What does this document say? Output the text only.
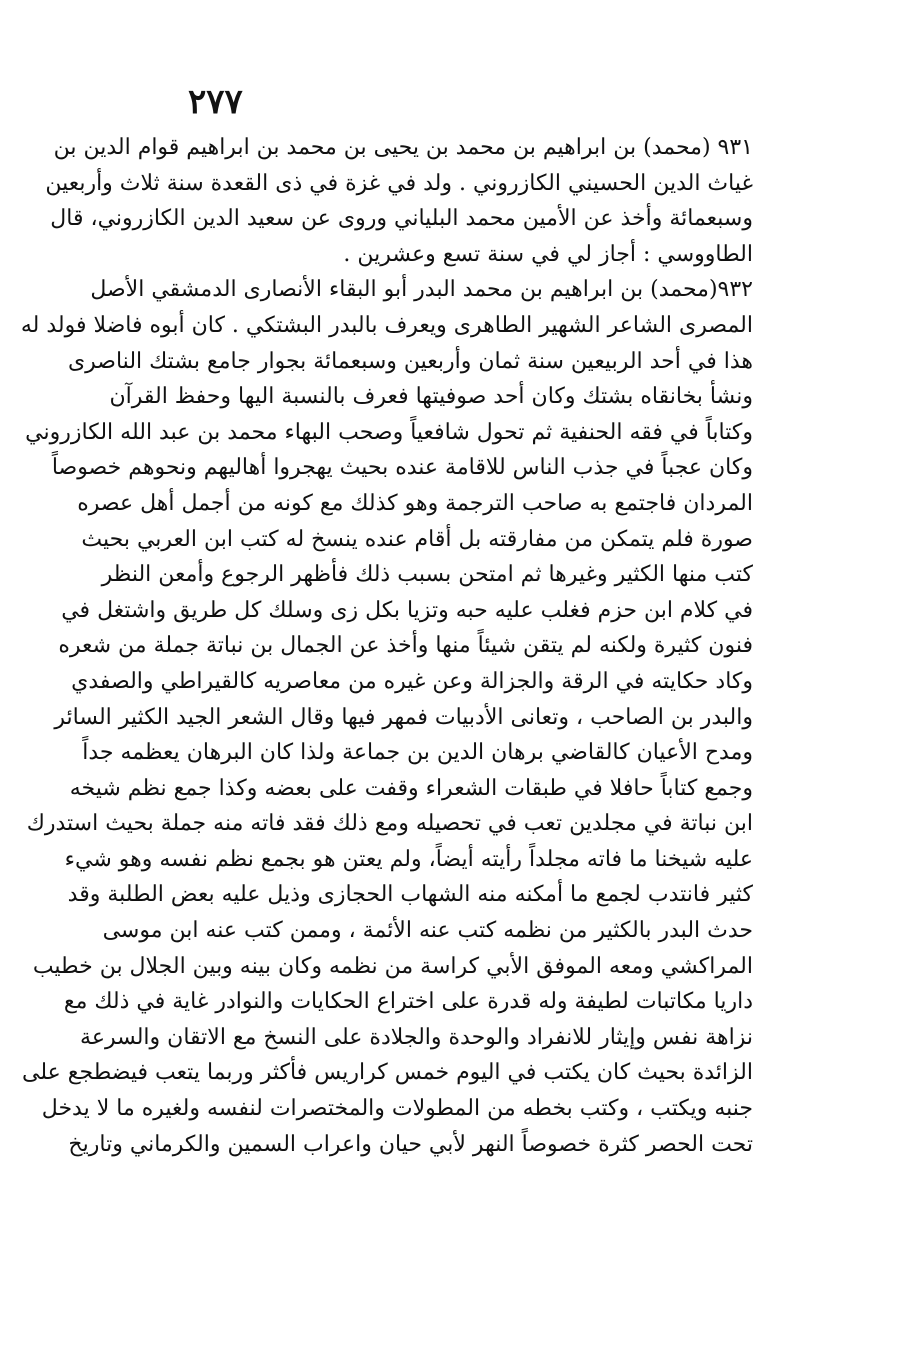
٢٧٧
٩٣١ (محمد) بن ابراهيم بن محمد بن يحيى بن محمد بن ابراهيم قوام الدين بن
غياث الدين الحسيني الكازروني . ولد في غزة في ذى القعدة سنة ثلاث وأربعين
وسبعمائة وأخذ عن الأمين محمد البلياني وروى عن سعيد الدين الكازروني، قال
الطاووسي : أجاز لي في سنة تسع وعشرين .
٩٣٢(محمد) بن ابراهيم بن محمد البدر أبو البقاء الأنصارى الدمشقي الأصل
المصرى الشاعر الشهير الطاهرى ويعرف بالبدر البشتكي . كان أبوه فاضلا فولد له
هذا في أحد الربيعين سنة ثمان وأربعين وسبعمائة بجوار جامع بشتك الناصرى
ونشأ بخانقاه بشتك وكان أحد صوفيتها فعرف بالنسبة اليها وحفظ القرآن
وكتاباً في فقه الحنفية ثم تحول شافعياً وصحب البهاء محمد بن عبد الله الكازروني
وكان عجباً في جذب الناس للاقامة عنده بحيث يهجروا أهاليهم ونحوهم خصوصاً
المردان فاجتمع به صاحب الترجمة وهو كذلك مع كونه من أجمل أهل عصره
صورة فلم يتمكن من مفارقته بل أقام عنده ينسخ له كتب ابن العربي بحيث
كتب منها الكثير وغيرها ثم امتحن بسبب ذلك فأظهر الرجوع وأمعن النظر
في كلام ابن حزم فغلب عليه حبه وتزيا بكل زى وسلك كل طريق واشتغل في
فنون كثيرة ولكنه لم يتقن شيئاً منها وأخذ عن الجمال بن نباتة جملة من شعره
وكاد حكايته في الرقة والجزالة وعن غيره من معاصريه كالقيراطي والصفدي
والبدر بن الصاحب ، وتعانى الأدبيات فمهر فيها وقال الشعر الجيد الكثير السائر
ومدح الأعيان كالقاضي برهان الدين بن جماعة ولذا كان البرهان يعظمه جداً
وجمع كتاباً حافلا في طبقات الشعراء وقفت على بعضه وكذا جمع نظم شيخه
ابن نباتة في مجلدين تعب في تحصيله ومع ذلك فقد فاته منه جملة بحيث استدرك
عليه شيخنا ما فاته مجلداً رأيته أيضاً، ولم يعتن هو بجمع نظم نفسه وهو شيء
كثير فانتدب لجمع ما أمكنه منه الشهاب الحجازى وذيل عليه بعض الطلبة وقد
حدث البدر بالكثير من نظمه كتب عنه الأئمة ، وممن كتب عنه ابن موسى
المراكشي ومعه الموفق الأبي كراسة من نظمه وكان بينه وبين الجلال بن خطيب
داريا مكاتبات لطيفة وله قدرة على اختراع الحكايات والنوادر غاية في ذلك مع
نزاهة نفس وإيثار للانفراد والوحدة والجلادة على النسخ مع الاتقان والسرعة
الزائدة بحيث كان يكتب في اليوم خمس كراريس فأكثر وربما يتعب فيضطجع على
جنبه ويكتب ، وكتب بخطه من المطولات والمختصرات لنفسه ولغيره ما لا يدخل
تحت الحصر كثرة خصوصاً النهر لأبي حيان واعراب السمين والكرماني وتاريخ
